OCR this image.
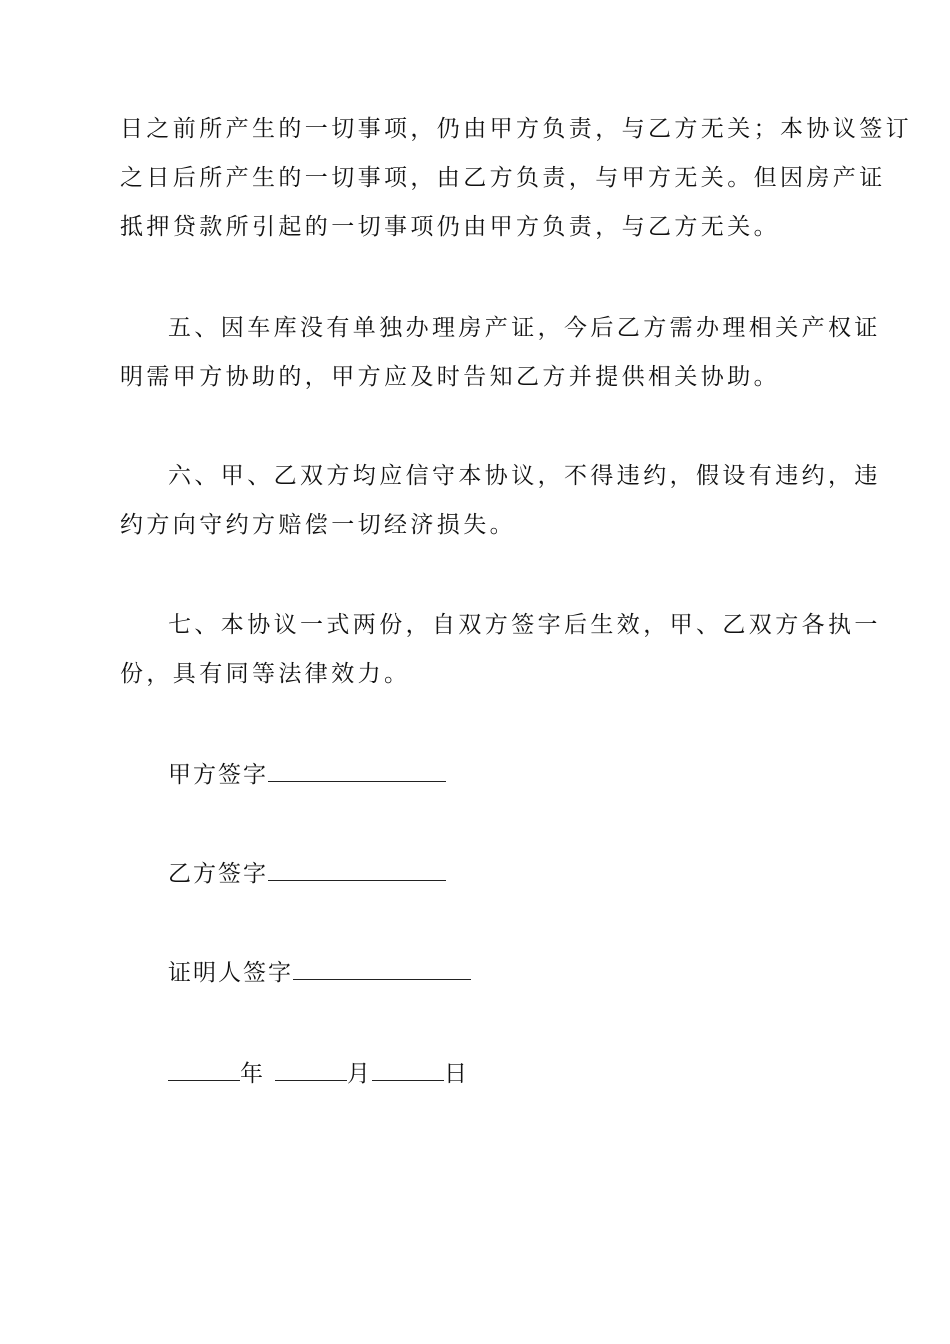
日之前所产生的一切事项，仍由甲方负责，与乙方无关；本协议签订
之日后所产生的一切事项，由乙方负责，与甲方无关。但因房产证
抵押贷款所引起的一切事项仍由甲方负责，与乙方无关。
五、因车库没有单独办理房产证，今后乙方需办理相关产权证
明需甲方协助的，甲方应及时告知乙方并提供相关协助。
六、甲、乙双方均应信守本协议，不得违约，假设有违约，违
约方向守约方赔偿一切经济损失。
七、本协议一式两份，自双方签字后生效，甲、乙双方各执一
份，具有同等法律效力。
甲方签字
乙方签字
证明人签字
年	月	日
